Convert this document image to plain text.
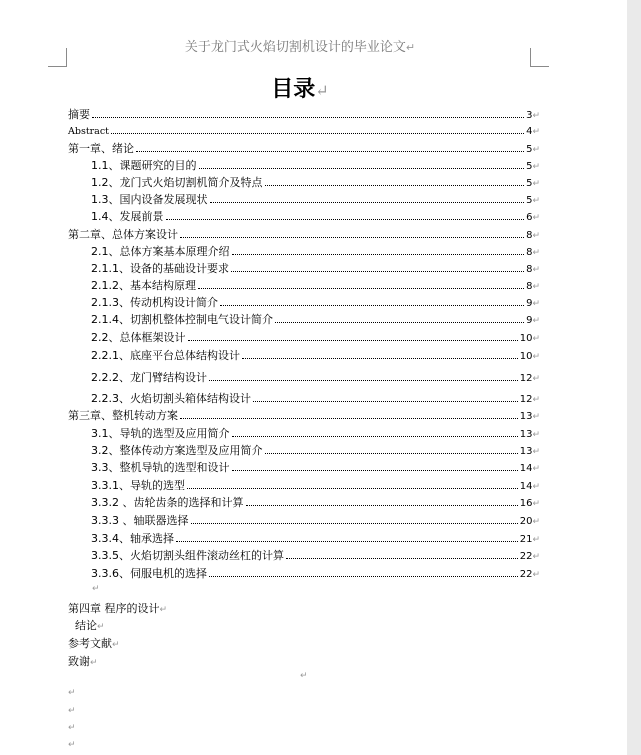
关于龙门式火焰切割机设计的毕业论文↵
目录↵
摘要	3 ↵
Abstract	4 ↵
第一章、绪论	5 ↵
1.1、课题研究的目的	5 ↵
1.2、龙门式火焰切割机简介及特点	5 ↵
1.3、国内设备发展现状	5 ↵
1.4、发展前景	6 ↵
第二章、总体方案设计	8 ↵
2.1、总体方案基本原理介绍	8 ↵
2.1.1、设备的基础设计要求	8 ↵
2.1.2、基本结构原理	8 ↵
2.1.3、传动机构设计简介	9 ↵
2.1.4、切割机整体控制电气设计简介	9 ↵
2.2、总体框架设计	10 ↵
2.2.1、底座平台总体结构设计	10 ↵
2.2.2、龙门臂结构设计	12 ↵
2.2.3、火焰切割头箱体结构设计	12 ↵
第三章、整机转动方案	13 ↵
3.1、导轨的选型及应用简介	13 ↵
3.2、整体传动方案选型及应用简介	13 ↵
3.3、整机导轨的选型和设计	14 ↵
3.3.1、导轨的选型	14 ↵
3.3.2 、齿轮齿条的选择和计算	16 ↵
3.3.3 、轴联器选择	20 ↵
3.3.4、轴承选择	21 ↵
3.3.5、火焰切割头组件滚动丝杠的计算	22 ↵
3.3.6、伺服电机的选择	22 ↵
↵
第四章 程序的设计↵
结论↵
参考文献↵
致谢↵
↵
↵
↵
↵
↵
